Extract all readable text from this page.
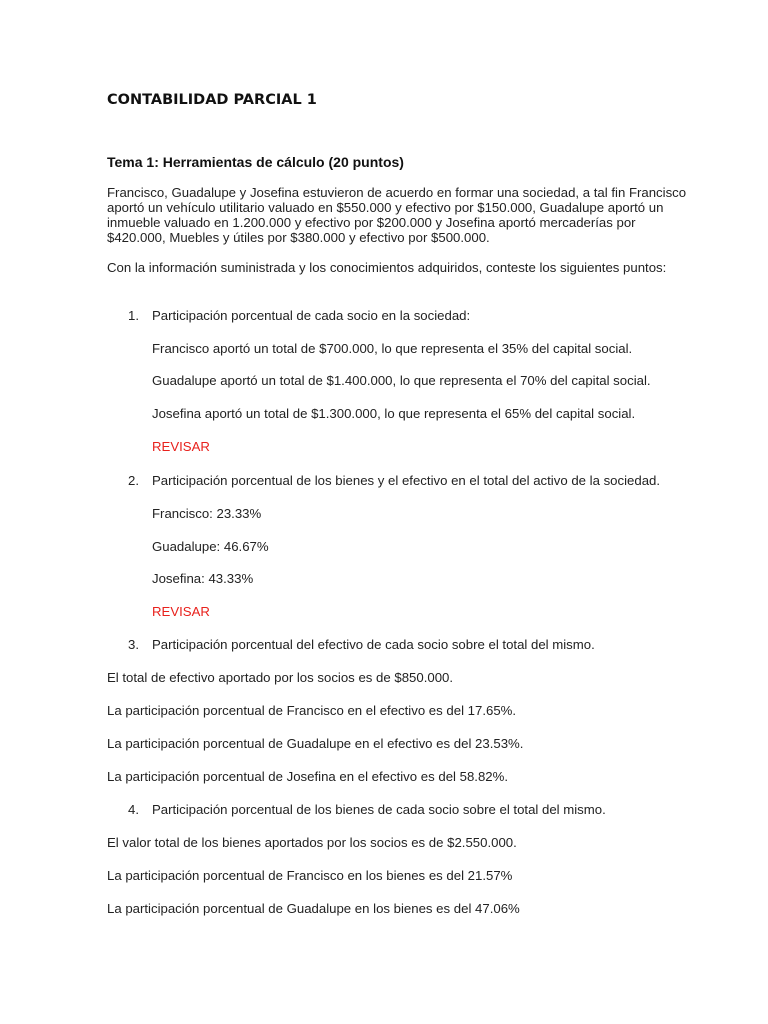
CONTABILIDAD PARCIAL 1
Tema 1: Herramientas de cálculo (20 puntos)
Francisco, Guadalupe y Josefina estuvieron de acuerdo en formar una sociedad, a tal fin Francisco
aportó un vehículo utilitario valuado en $550.000 y efectivo por $150.000, Guadalupe aportó un
inmueble valuado en 1.200.000 y efectivo por $200.000 y Josefina aportó mercaderías por
$420.000, Muebles y útiles por $380.000 y efectivo por $500.000.
Con la información suministrada y los conocimientos adquiridos, conteste los siguientes puntos:
1. Participación porcentual de cada socio en la sociedad:
Francisco aportó un total de $700.000, lo que representa el 35% del capital social.
Guadalupe aportó un total de $1.400.000, lo que representa el 70% del capital social.
Josefina aportó un total de $1.300.000, lo que representa el 65% del capital social.
REVISAR
2. Participación porcentual de los bienes y el efectivo en el total del activo de la sociedad.
Francisco: 23.33%
Guadalupe: 46.67%
Josefina: 43.33%
REVISAR
3. Participación porcentual del efectivo de cada socio sobre el total del mismo.
El total de efectivo aportado por los socios es de $850.000.
La participación porcentual de Francisco en el efectivo es del 17.65%.
La participación porcentual de Guadalupe en el efectivo es del 23.53%.
La participación porcentual de Josefina en el efectivo es del 58.82%.
4. Participación porcentual de los bienes de cada socio sobre el total del mismo.
El valor total de los bienes aportados por los socios es de $2.550.000.
La participación porcentual de Francisco en los bienes es del 21.57%
La participación porcentual de Guadalupe en los bienes es del 47.06%
